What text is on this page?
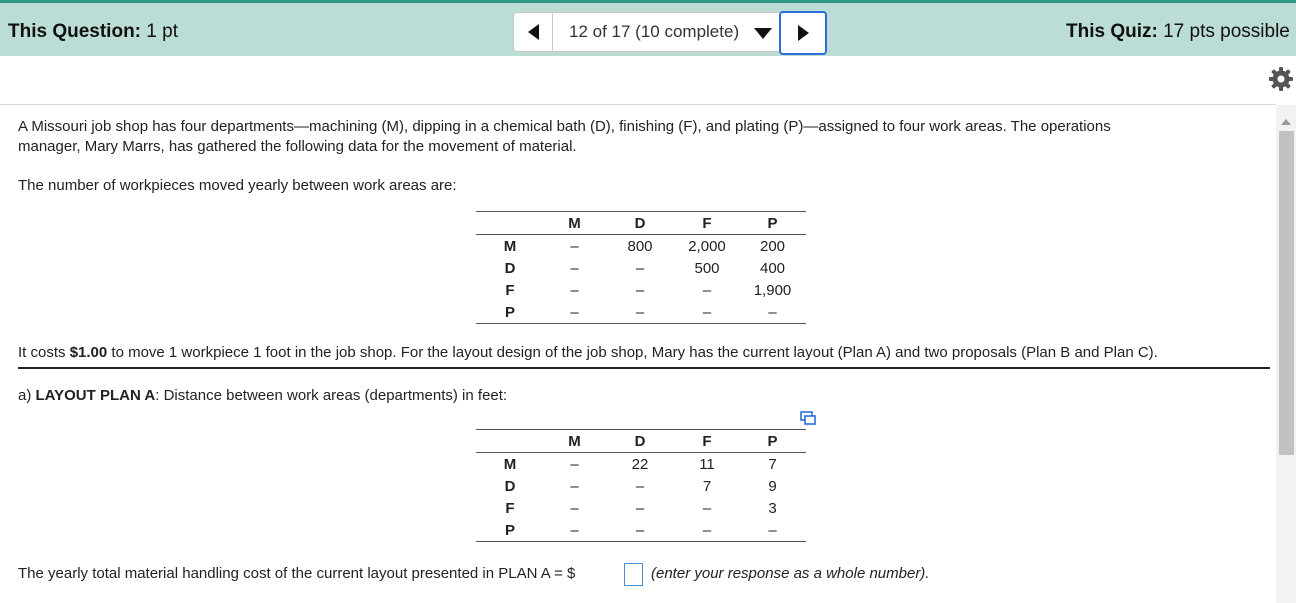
This Question: 1 pt	12 of 17 (10 complete)	This Quiz: 17 pts possible
A Missouri job shop has four departments—machining (M), dipping in a chemical bath (D), finishing (F), and plating (P)—assigned to four work areas. The operations
manager, Mary Marrs, has gathered the following data for the movement of material.
The number of workpieces moved yearly between work areas are:
	M	D	F	P
M	–	800	2,000	200
D	–	–	500	400
F	–	–	–	1,900
P	–	–	–	–
It costs $1.00 to move 1 workpiece 1 foot in the job shop. For the layout design of the job shop, Mary has the current layout (Plan A) and two proposals (Plan B and Plan C).
a) LAYOUT PLAN A: Distance between work areas (departments) in feet:
	M	D	F	P
M	–	22	11	7
D	–	–	7	9
F	–	–	–	3
P	–	–	–	–
The yearly total material handling cost of the current layout presented in PLAN A = $	(enter your response as a whole number).
